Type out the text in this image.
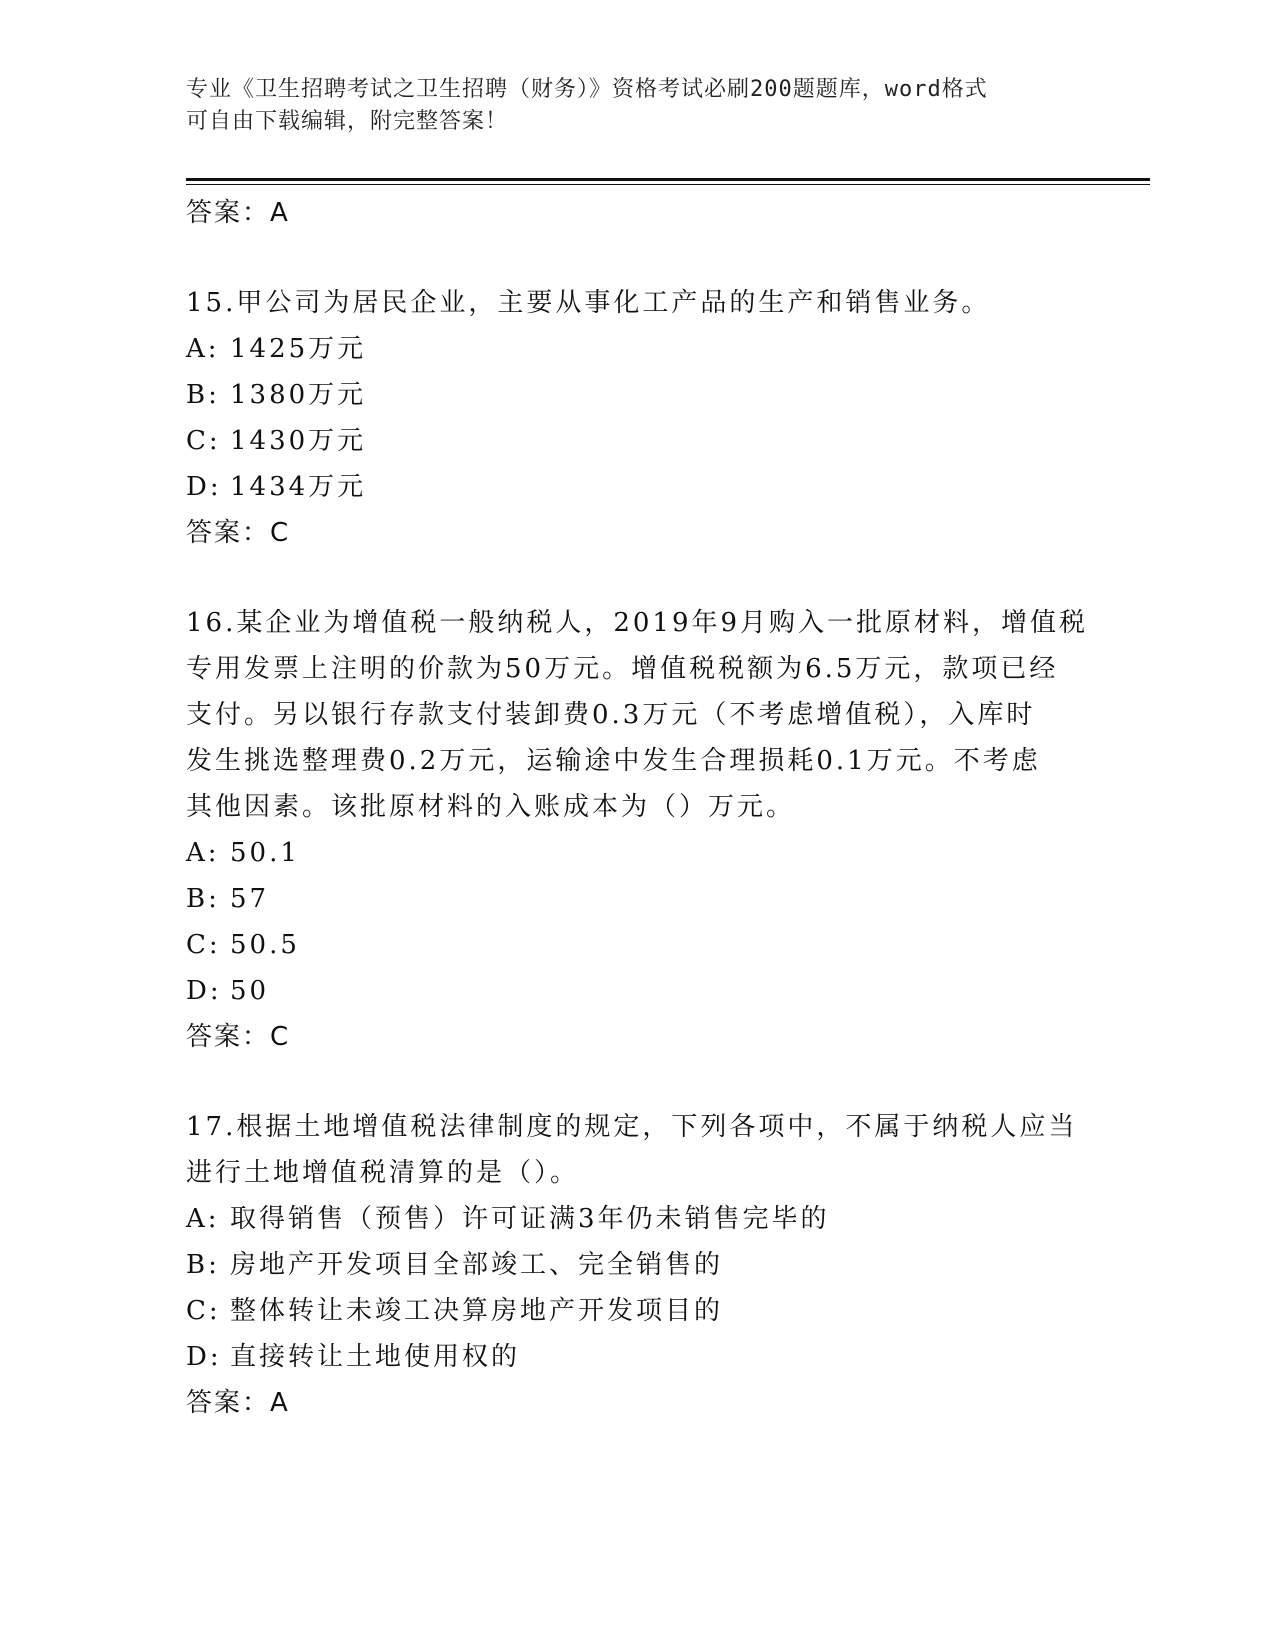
专业《卫生招聘考试之卫生招聘（财务）》资格考试必刷200题题库，word格式
可自由下载编辑，附完整答案！
答案：A
15.甲公司为居民企业，主要从事化工产品的生产和销售业务。
A: 1425万元
B: 1380万元
C: 1430万元
D: 1434万元
答案：C
16.某企业为增值税一般纳税人，2019年9月购入一批原材料，增值税
专用发票上注明的价款为50万元。增值税税额为6.5万元，款项已经
支付。另以银行存款支付装卸费0.3万元（不考虑增值税），入库时
发生挑选整理费0.2万元，运输途中发生合理损耗0.1万元。不考虑
其他因素。该批原材料的入账成本为（）万元。
A: 50.1
B: 57
C: 50.5
D: 50
答案：C
17.根据土地增值税法律制度的规定，下列各项中，不属于纳税人应当
进行土地增值税清算的是（）。
A: 取得销售（预售）许可证满3年仍未销售完毕的
B: 房地产开发项目全部竣工、完全销售的
C: 整体转让未竣工决算房地产开发项目的
D: 直接转让土地使用权的
答案：A
